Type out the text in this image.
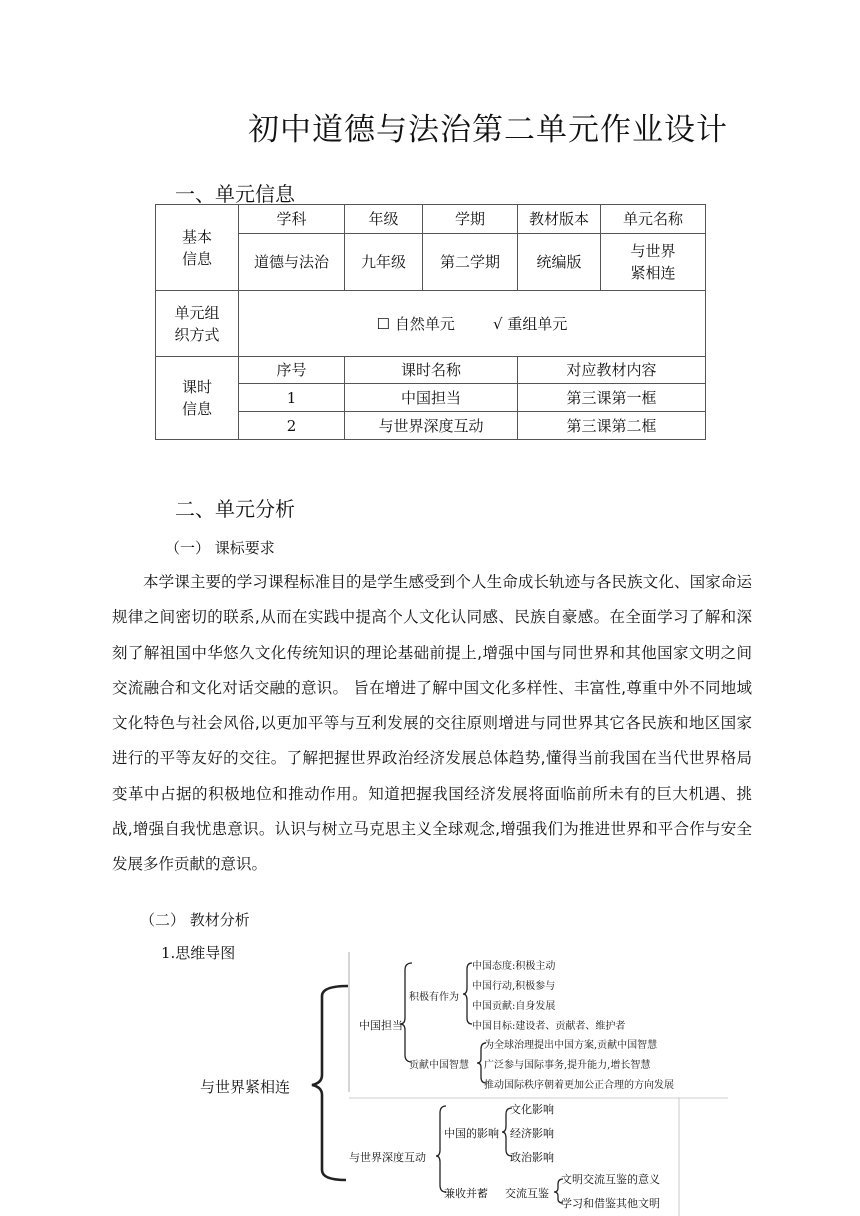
初中道德与法治第二单元作业设计
一、单元信息
基本
信息	学科	年级	学期	教材版本	单元名称
	道德与法治	九年级	第二学期	统编版	与世界
紧相连
单元组
织方式	☐ 自然单元        √ 重组单元				
课时
信息	序号	课时名称		对应教材内容	
	1	中国担当		第三课第一框	
	2	与世界深度互动		第三课第二框	
二、单元分析
（一） 课标要求

本学课主要的学习课程标准目的是学生感受到个人生命成长轨迹与各民族文化、国家命运规律之间密切的联系,从而在实践中提高个人文化认同感、民族自豪感。在全面学习了解和深刻了解祖国中华悠久文化传统知识的理论基础前提上,增强中国与同世界和其他国家文明之间交流融合和文化对话交融的意识。 旨在增进了解中国文化多样性、丰富性,尊重中外不同地域文化特色与社会风俗,以更加平等与互利发展的交往原则增进与同世界其它各民族和地区国家进行的平等友好的交往。了解把握世界政治经济发展总体趋势,懂得当前我国在当代世界格局变革中占据的积极地位和推动作用。知道把握我国经济发展将面临前所未有的巨大机遇、挑战,增强自我忧患意识。认识与树立马克思主义全球观念,增强我们为推进世界和平合作与安全发展多作贡献的意识。

（二） 教材分析
1.思维导图
与世界紧相连
中国担当
积极有作为
中国态度:积极主动
中国行动,积极参与
中国贡献:自身发展
中国目标:建设者、贡献者、维护者
贡献中国智慧
为全球治理提出中国方案,贡献中国智慧
广泛参与国际事务,提升能力,增长智慧
推动国际秩序朝着更加公正合理的方向发展
与世界深度互动
中国的影响
文化影响
经济影响
政治影响
兼收并蓄 交流互鉴
文明交流互鉴的意义
学习和借鉴其他文明
